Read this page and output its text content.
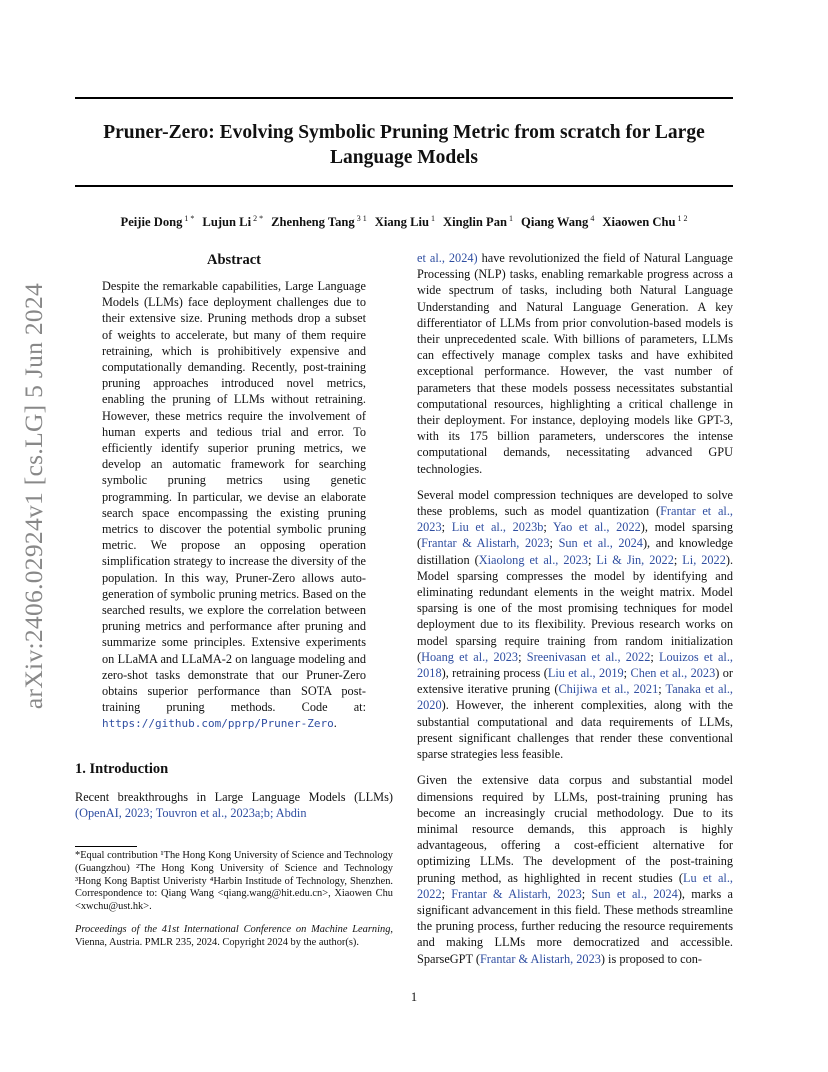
Pruner-Zero: Evolving Symbolic Pruning Metric from scratch for Large Language Models
Peijie Dong $^{1 *}$ Lujun Li $^{2 *}$ Zhenheng Tang $^{3 1}$ Xiang Liu $^1$ Xinglin Pan $^1$ Qiang Wang $^4$ Xiaowen Chu $^{1 2}$
arXiv:2406.02924v1 [cs.LG] 5 Jun 2024
Abstract

Despite the remarkable capabilities, Large Language Models (LLMs) face deployment challenges due to their extensive size. Pruning methods drop a subset of weights to accelerate, but many of them require retraining, which is prohibitively expensive and computationally demanding. Recently, post-training pruning approaches introduced novel metrics, enabling the pruning of LLMs without retraining. However, these metrics require the involvement of human experts and tedious trial and error. To efficiently identify superior pruning metrics, we develop an automatic framework for searching symbolic pruning metrics using genetic programming. In particular, we devise an elaborate search space encompassing the existing pruning metrics to discover the potential symbolic pruning metric. We propose an opposing operation simplification strategy to increase the diversity of the population. In this way, Pruner-Zero allows auto-generation of symbolic pruning metrics. Based on the searched results, we explore the correlation between pruning metrics and performance after pruning and summarize some principles. Extensive experiments on LLaMA and LLaMA-2 on language modeling and zero-shot tasks demonstrate that our Pruner-Zero obtains superior performance than SOTA post-training pruning methods. Code at: https://github.com/pprp/Pruner-Zero.

1. Introduction

Recent breakthroughs in Large Language Models (LLMs) (OpenAI, 2023; Touvron et al., 2023a;b; Abdin

*Equal contribution ¹The Hong Kong University of Science and Technology (Guangzhou) ²The Hong Kong University of Science and Technology ³Hong Kong Baptist Univeristy ⁴Harbin Institude of Technology, Shenzhen. Correspondence to: Qiang Wang <qiang.wang@hit.edu.cn>, Xiaowen Chu <xwchu@ust.hk>.

Proceedings of the 41st International Conference on Machine Learning, Vienna, Austria. PMLR 235, 2024. Copyright 2024 by the author(s).

et al., 2024) have revolutionized the field of Natural Language Processing (NLP) tasks, enabling remarkable progress across a wide spectrum of tasks, including both Natural Language Understanding and Natural Language Generation. A key differentiator of LLMs from prior convolution-based models is their unprecedented scale. With billions of parameters, LLMs can effectively manage complex tasks and have exhibited exceptional performance. However, the vast number of parameters that these models possess necessitates substantial computational resources, highlighting a critical challenge in their deployment. For instance, deploying models like GPT-3, with its 175 billion parameters, underscores the intense computational demands, necessitating advanced GPU technologies.

Several model compression techniques are developed to solve these problems, such as model quantization (Frantar et al., 2023; Liu et al., 2023b; Yao et al., 2022), model sparsing (Frantar & Alistarh, 2023; Sun et al., 2024), and knowledge distillation (Xiaolong et al., 2023; Li & Jin, 2022; Li, 2022). Model sparsing compresses the model by identifying and eliminating redundant elements in the weight matrix. Model sparsing is one of the most promising techniques for model deployment due to its flexibility. Previous research works on model sparsing require training from random initialization (Hoang et al., 2023; Sreenivasan et al., 2022; Louizos et al., 2018), retraining process (Liu et al., 2019; Chen et al., 2023) or extensive iterative pruning (Chijiwa et al., 2021; Tanaka et al., 2020). However, the inherent complexities, along with the substantial computational and data requirements of LLMs, present significant challenges that render these conventional sparse strategies less feasible.

Given the extensive data corpus and substantial model dimensions required by LLMs, post-training pruning has become an increasingly crucial methodology. Due to its minimal resource demands, this approach is highly advantageous, offering a cost-efficient alternative for optimizing LLMs. The development of the post-training pruning method, as highlighted in recent studies (Lu et al., 2022; Frantar & Alistarh, 2023; Sun et al., 2024), marks a significant advancement in this field. These methods streamline the pruning process, further reducing the resource requirements and making LLMs more democratized and accessible. SparseGPT (Frantar & Alistarh, 2023) is proposed to con-

1
